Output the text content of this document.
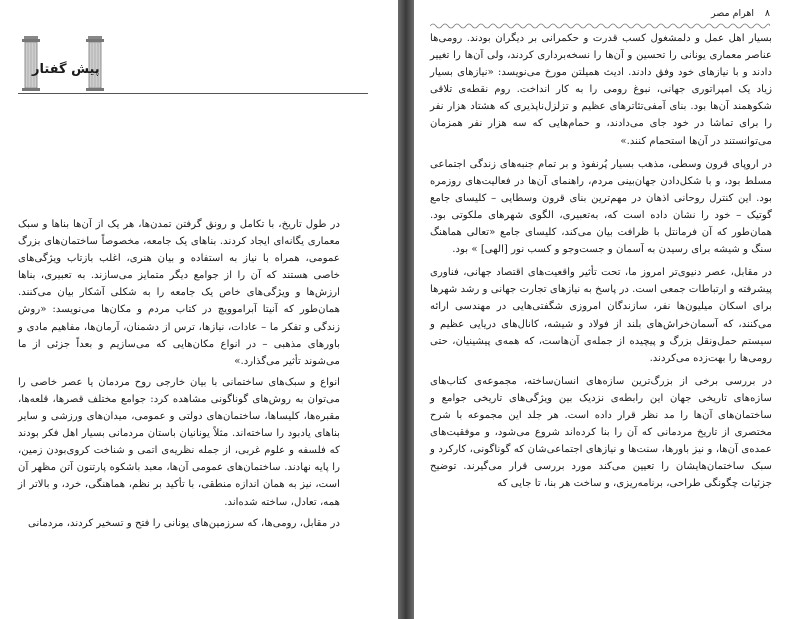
پیش گفتار

در طول تاریخ، با تکامل و رونق گرفتن تمدن‌ها، هر یک از آن‌ها بناها و سبک معماری یگانه‌ای ایجاد کردند. بناهای یک جامعه، مخصوصاً ساختمان‌های بزرگ عمومی، همراه با نیاز به استفاده و بیان هنری، اغلب بازتاب ویژگی‌های خاصی هستند که آن را از جوامع دیگر متمایز می‌سازند. به تعبیری، بناها ارزش‌ها و ویژگی‌های خاص یک جامعه را به شکلی آشکار بیان می‌کنند. همان‌طور که آنیتا آبراموویچ در کتاب مردم و مکان‌ها می‌نویسد: «روش زندگی و تفکر ما – عادات، نیازها، ترس از دشمنان، آرمان‌ها، مفاهیم مادی و باورهای مذهبی – در انواع مکان‌هایی که می‌سازیم و بعداً جزئی از ما می‌شوند تأثیر می‌گذارد.»

انواع و سبک‌های ساختمانی با بیان خارجی روح مردمان یا عصر خاصی را می‌توان به روش‌های گوناگونی مشاهده کرد: جوامع مختلف قصرها، قلعه‌ها، مقبره‌ها، کلیساها، ساختمان‌های دولتی و عمومی، میدان‌های ورزشی و سایر بناهای یادبود را ساخته‌اند. مثلاً یونانیان باستان مردمانی بسیار اهل فکر بودند که فلسفه و علوم غربی، از جمله نظریه‌ی اتمی و شناخت کروی‌بودن زمین، را پایه نهادند. ساختمان‌های عمومی آن‌ها، معبد باشکوه پارتنون آتن مظهر آن است، نیز به همان اندازه منطقی، با تأکید بر نظم، هماهنگی، خرد، و بالاتر از همه، تعادل، ساخته شده‌اند.

در مقابل، رومی‌ها، که سرزمین‌های یونانی را فتح و تسخیر کردند، مردمانی

۸
اهرام مصر

بسیار اهل عمل و دلمشغول کسب قدرت و حکمرانی بر دیگران بودند. رومی‌ها عناصر معماری یونانی را تحسین و آن‌ها را نسخه‌برداری کردند، ولی آن‌ها را تغییر دادند و با نیازهای خود وفق دادند. ادیث همیلتن مورخ می‌نویسد: «نیازهای بسیار زیاد یک امپراتوری جهانی، نبوغ رومی را به کار انداخت. روم نقطه‌ی تلاقی شکوهمند آن‌ها بود. بنای آمفی‌تئاترهای عظیم و تزلزل‌ناپذیری که هشتاد هزار نفر را برای تماشا در خود جای می‌دادند، و حمام‌هایی که سه هزار نفر همزمان می‌توانستند در آن‌ها استحمام کنند.»

در اروپای قرون وسطی، مذهب بسیار پُرنفوذ و بر تمام جنبه‌های زندگی اجتماعی مسلط بود، و با شکل‌دادن جهان‌بینی مردم، راهنمای آن‌ها در فعالیت‌های روزمره بود. این کنترل روحانی اذهان در مهم‌ترین بنای قرون وسطایی – کلیسای جامع گوتیک – خود را نشان داده است که، به‌تعبیری، الگوی شهرهای ملکوتی بود. همان‌طور که آن فرمانتل با ظرافت بیان می‌کند، کلیسای جامع «تعالی هماهنگ سنگ و شیشه برای رسیدن به آسمان و جست‌وجو و کسب نور [الهی] » بود.

در مقابل، عصر دنیوی‌تر امروز ما، تحت تأثیر واقعیت‌های اقتصاد جهانی، فناوری پیشرفته و ارتباطات جمعی است. در پاسخ به نیازهای تجارت جهانی و رشد شهرها برای اسکان میلیون‌ها نفر، سازندگان امروزی شگفتی‌هایی در مهندسی ارائه می‌کنند، که آسمان‌خراش‌های بلند از فولاد و شیشه، کانال‌های دریایی عظیم و سیستم حمل‌ونقل بزرگ و پیچیده از جمله‌ی آن‌هاست، که همه‌ی پیشینیان، حتی رومی‌ها را بهت‌زده می‌کردند.

در بررسی برخی از بزرگ‌ترین سازه‌های انسان‌ساخته، مجموعه‌ی کتاب‌های سازه‌های تاریخی جهان این رابطه‌ی نزدیک بین ویژگی‌های تاریخی جوامع و ساختمان‌های آن‌ها را مد نظر قرار داده است. هر جلد این مجموعه با شرح مختصری از تاریخ مردمانی که آن را بنا کرده‌اند شروع می‌شود، و موفقیت‌های عمده‌ی آن‌ها، و نیز باورها، سنت‌ها و نیازهای اجتماعی‌شان که گوناگونی، کارکرد و سبک ساختمان‌هایشان را تعیین می‌کند مورد بررسی قرار می‌گیرند. توضیح جزئیات چگونگی طراحی، برنامه‌ریزی، و ساخت هر بنا، تا جایی که
